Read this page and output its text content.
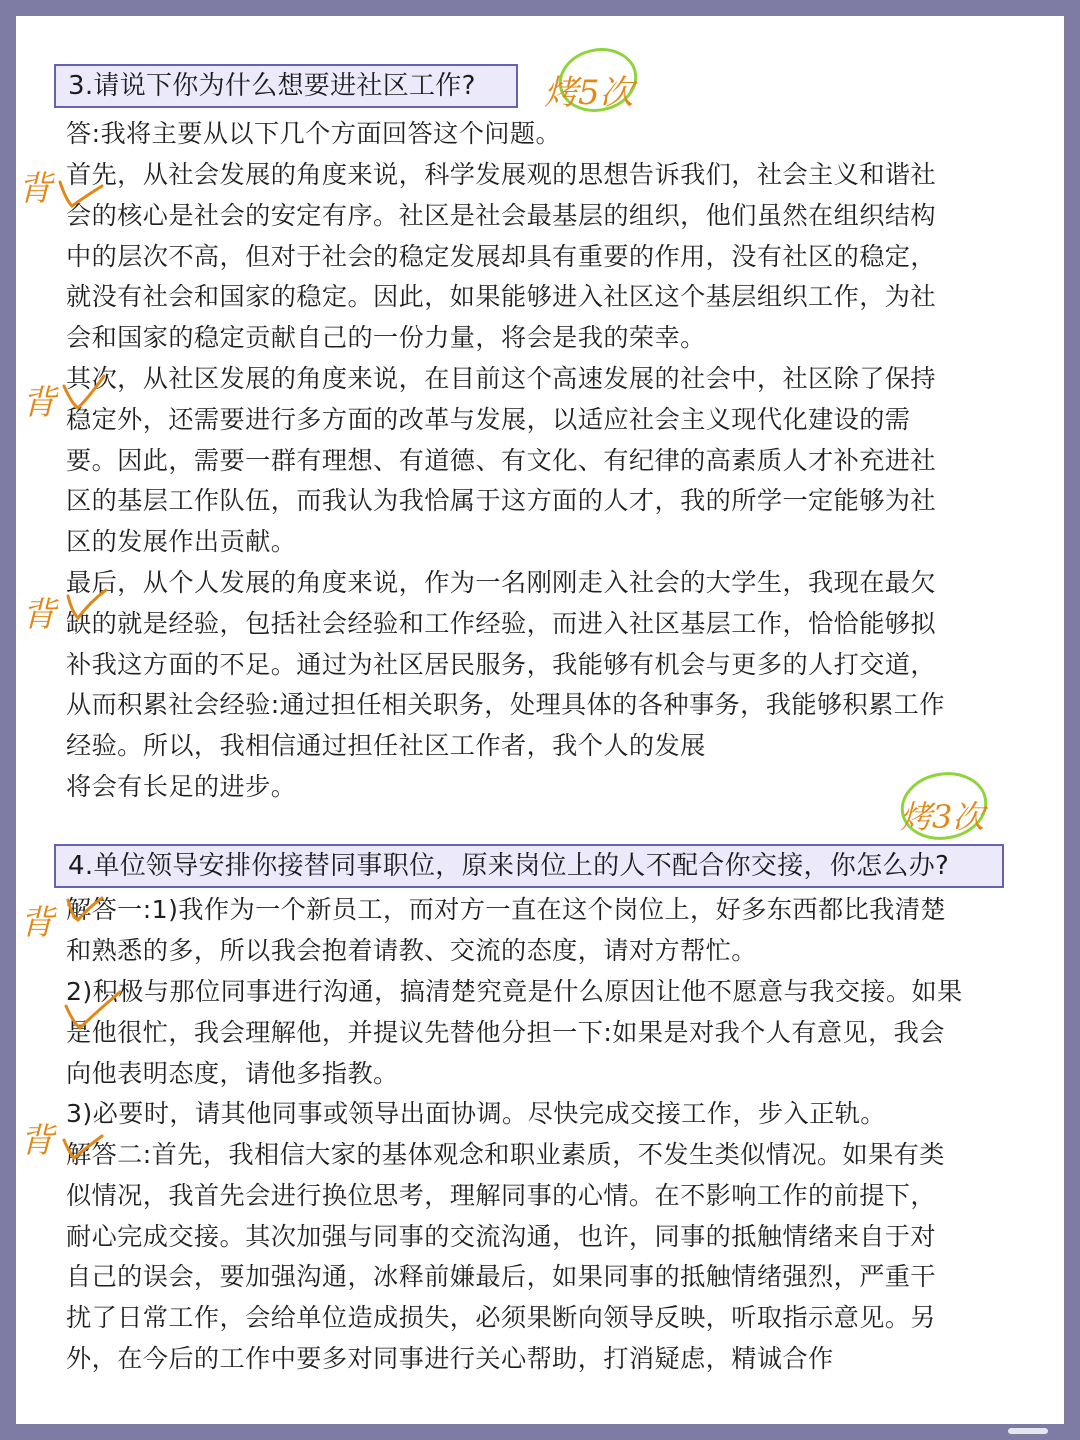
3.请说下你为什么想要进社区工作?
答:我将主要从以下几个方面回答这个问题。
首先，从社会发展的角度来说，科学发展观的思想告诉我们，社会主义和谐社
会的核心是社会的安定有序。社区是社会最基层的组织，他们虽然在组织结构
中的层次不高，但对于社会的稳定发展却具有重要的作用，没有社区的稳定，
就没有社会和国家的稳定。因此，如果能够进入社区这个基层组织工作，为社
会和国家的稳定贡献自己的一份力量，将会是我的荣幸。
其次，从社区发展的角度来说，在目前这个高速发展的社会中，社区除了保持
稳定外，还需要进行多方面的改革与发展，以适应社会主义现代化建设的需
要。因此，需要一群有理想、有道德、有文化、有纪律的高素质人才补充进社
区的基层工作队伍，而我认为我恰属于这方面的人才，我的所学一定能够为社
区的发展作出贡献。
最后，从个人发展的角度来说，作为一名刚刚走入社会的大学生，我现在最欠
缺的就是经验，包括社会经验和工作经验，而进入社区基层工作，恰恰能够拟
补我这方面的不足。通过为社区居民服务，我能够有机会与更多的人打交道，
从而积累社会经验:通过担任相关职务，处理具体的各种事务，我能够积累工作
经验。所以，我相信通过担任社区工作者，我个人的发展
将会有长足的进步。
4.单位领导安排你接替同事职位，原来岗位上的人不配合你交接，你怎么办?
解答一:1)我作为一个新员工，而对方一直在这个岗位上，好多东西都比我清楚
和熟悉的多，所以我会抱着请教、交流的态度，请对方帮忙。
2)积极与那位同事进行沟通，搞清楚究竟是什么原因让他不愿意与我交接。如果
是他很忙，我会理解他，并提议先替他分担一下:如果是对我个人有意见，我会
向他表明态度，请他多指教。
3)必要时，请其他同事或领导出面协调。尽快完成交接工作，步入正轨。
解答二:首先，我相信大家的基体观念和职业素质，不发生类似情况。如果有类
似情况，我首先会进行换位思考，理解同事的心情。在不影响工作的前提下，
耐心完成交接。其次加强与同事的交流沟通，也许，同事的抵触情绪来自于对
自己的误会，要加强沟通，冰释前嫌最后，如果同事的抵触情绪强烈，严重干
扰了日常工作，会给单位造成损失，必须果断向领导反映，听取指示意见。另
外，在今后的工作中要多对同事进行关心帮助，打消疑虑，精诚合作
烤5次
烤3次
背
背
背
背
背
